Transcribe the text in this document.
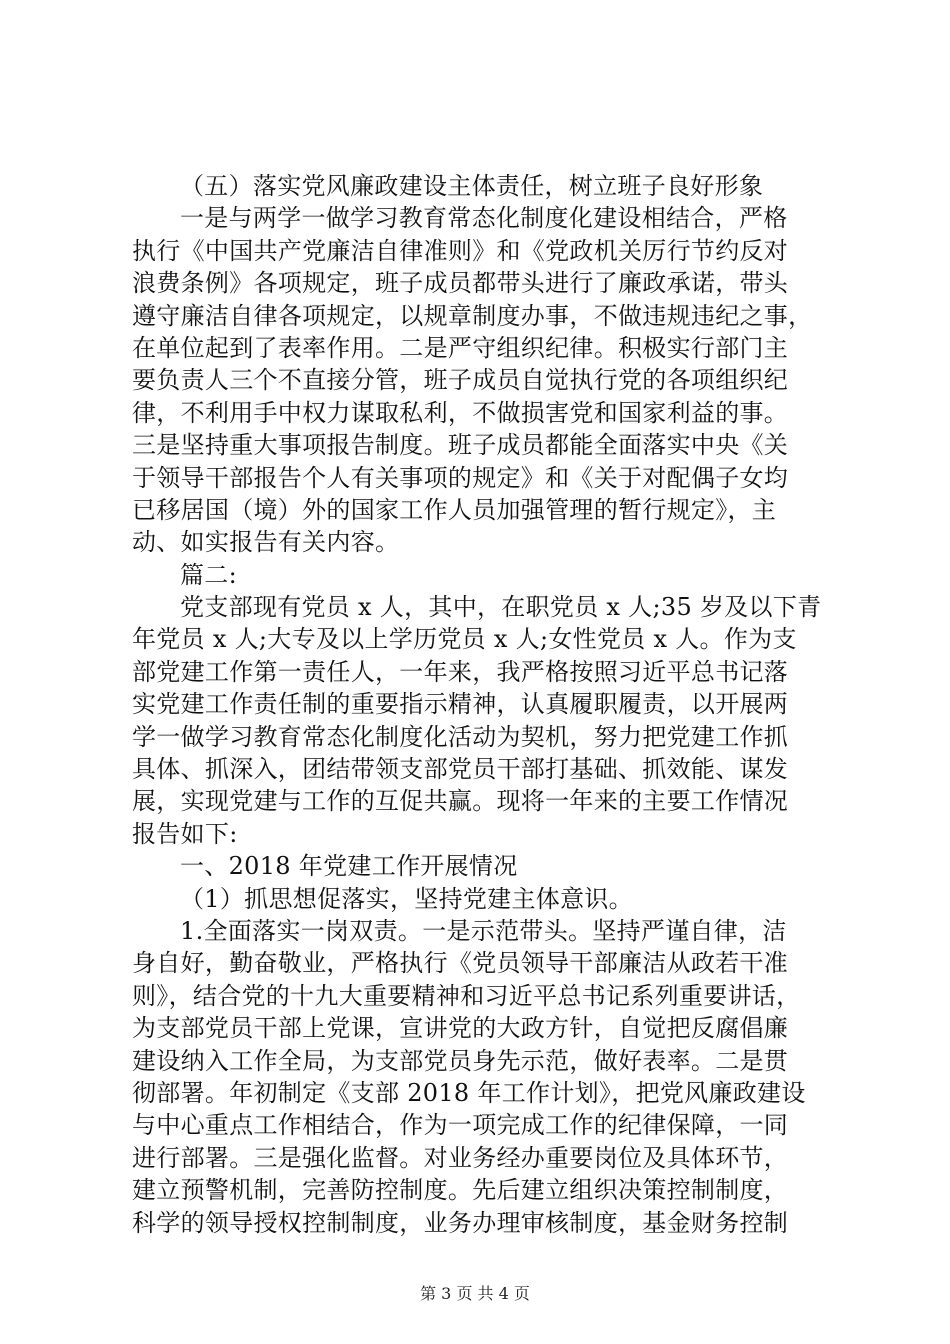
（五）落实党风廉政建设主体责任，树立班子良好形象
一是与两学一做学习教育常态化制度化建设相结合，严格
执行《中国共产党廉洁自律准则》和《党政机关厉行节约反对
浪费条例》各项规定，班子成员都带头进行了廉政承诺，带头
遵守廉洁自律各项规定，以规章制度办事，不做违规违纪之事，
在单位起到了表率作用。二是严守组织纪律。积极实行部门主
要负责人三个不直接分管，班子成员自觉执行党的各项组织纪
律，不利用手中权力谋取私利，不做损害党和国家利益的事。
三是坚持重大事项报告制度。班子成员都能全面落实中央《关
于领导干部报告个人有关事项的规定》和《关于对配偶子女均
已移居国（境）外的国家工作人员加强管理的暂行规定》，主
动、如实报告有关内容。
篇二:
党支部现有党员 x 人，其中，在职党员 x 人;35 岁及以下青
年党员 x 人;大专及以上学历党员 x 人;女性党员 x 人。作为支
部党建工作第一责任人，一年来，我严格按照习近平总书记落
实党建工作责任制的重要指示精神，认真履职履责，以开展两
学一做学习教育常态化制度化活动为契机，努力把党建工作抓
具体、抓深入，团结带领支部党员干部打基础、抓效能、谋发
展，实现党建与工作的互促共赢。现将一年来的主要工作情况
报告如下:
一、2018 年党建工作开展情况
（1）抓思想促落实，坚持党建主体意识。
1.全面落实一岗双责。一是示范带头。坚持严谨自律，洁
身自好，勤奋敬业，严格执行《党员领导干部廉洁从政若干准
则》，结合党的十九大重要精神和习近平总书记系列重要讲话，
为支部党员干部上党课，宣讲党的大政方针，自觉把反腐倡廉
建设纳入工作全局，为支部党员身先示范，做好表率。二是贯
彻部署。年初制定《支部 2018 年工作计划》，把党风廉政建设
与中心重点工作相结合，作为一项完成工作的纪律保障，一同
进行部署。三是强化监督。对业务经办重要岗位及具体环节，
建立预警机制，完善防控制度。先后建立组织决策控制制度，
科学的领导授权控制制度，业务办理审核制度，基金财务控制
第 3 页 共 4 页
